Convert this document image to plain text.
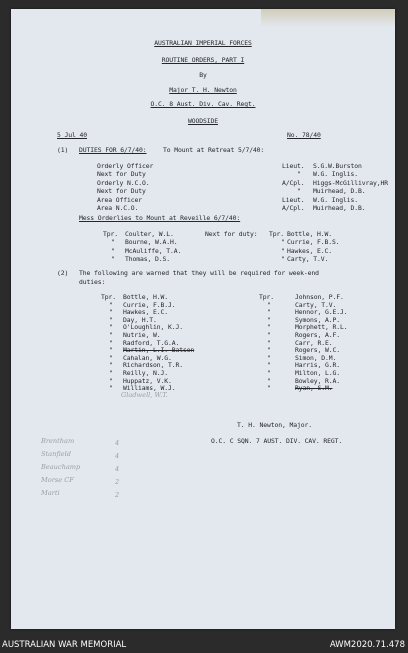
AUSTRALIAN IMPERIAL FORCES
ROUTINE ORDERS, PART I
By
Major T. H. Newton
O.C. 8 Aust. Div. Cav. Regt.
WOODSIDE
5 Jul 40	No. 78/40
(1) DUTIES FOR 6/7/40:	To Mount at Retreat 5/7/40:
Orderly Officer	Lieut. S.G.W.Burston
Next for Duty	" W.G. Inglis.
Orderly N.C.O.	A/Cpl. Higgs-McGillivray,HR
Next for Duty	" Muirhead, D.B.
Area Officer	Lieut. W.G. Inglis.
Area N.C.O.	A/Cpl. Muirhead, D.B.
Mess Orderlies to Mount at Reveille 6/7/40:
Tpr. Coulter, W.L.
" Bourne, W.A.H.
" McAuliffe, T.A.
" Thomas, D.S.
Next for duty: Tpr. Bottle, H.W.
" Currie, F.B.S.
" Hawkes, E.C.
" Carty, T.V.
(2) The following are warned that they will be required for week-end
duties:
Tpr. Bottle, H.W.
" Currie, F.B.J.
" Hawkes, E.C.
" Day, H.T.
" O'Loughlin, K.J.
" Nutrie, W.
" Radford, T.G.A.
" Martin, L.I. Batson
" Cahalan, W.G.
" Richardson, T.R.
" Reilly, N.J.
" Huppatz, V.K.
" Williams, W.J.
Tpr.	Johnson, P.F.
"	Carty, T.V.
"	Hennor, G.E.J.
"	Symons, A.P.
"	Morphett, R.L.
"	Rogers, A.F.
"	Carr, R.E.
"	Rogers, W.C.
"	Simon, D.M.
"	Harris, G.R.
"	Milton, L.G.
"	Bowley, R.A.
"	Ryan, S.M.
Gladwell, W.T.
T. H. Newton, Major.
O.C. C SQN. 7 AUST. DIV. CAV. REGT.
Brentham	4
Stanfield	4
Beauchamp	4
Morse CF	2
Marti	2
AUSTRALIAN WAR MEMORIAL	AWM2020.71.478
